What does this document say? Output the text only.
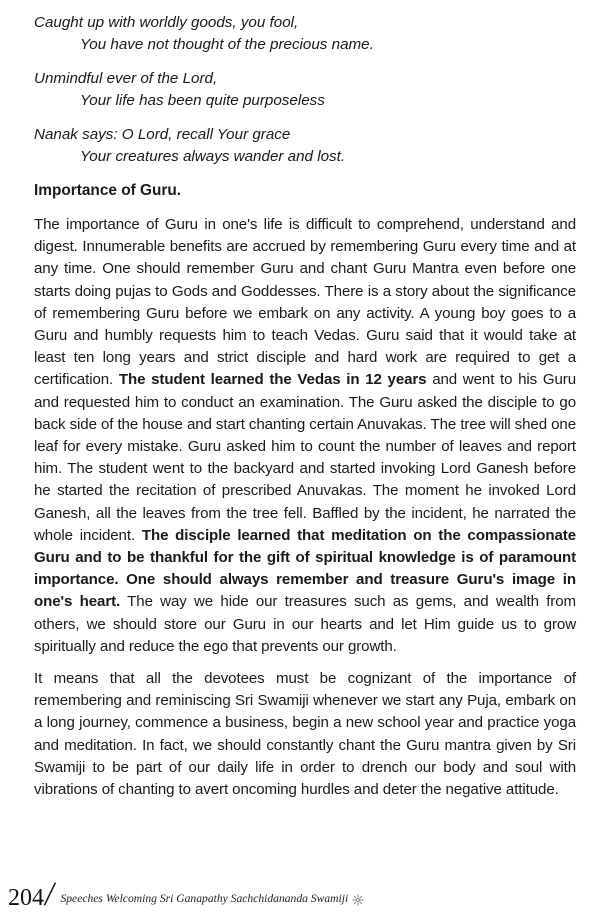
Caught up with worldly goods, you fool,
You have not thought of the precious name.
Unmindful ever of the Lord,
Your life has been quite purposeless
Nanak says: O Lord, recall Your grace
Your creatures always wander and lost.
Importance of Guru.

The importance of Guru in one's life is difficult to comprehend, understand and digest. Innumerable benefits are accrued by remembering Guru every time and at any time. One should remember Guru and chant Guru Mantra even before one starts doing pujas to Gods and Goddesses. There is a story about the significance of remembering Guru before we embark on any activity. A young boy goes to a Guru and humbly requests him to teach Vedas. Guru said that it would take at least ten long years and strict disciple and hard work are required to get a certification. The student learned the Vedas in 12 years and went to his Guru and requested him to conduct an examination. The Guru asked the disciple to go back side of the house and start chanting certain Anuvakas. The tree will shed one leaf for every mistake. Guru asked him to count the number of leaves and report him. The student went to the backyard and started invoking Lord Ganesh before he started the recitation of prescribed Anuvakas. The moment he invoked Lord Ganesh, all the leaves from the tree fell. Baffled by the incident, he narrated the whole incident. The disciple learned that meditation on the compassionate Guru and to be thankful for the gift of spiritual knowledge is of paramount importance. One should always remember and treasure Guru's image in one's heart. The way we hide our treasures such as gems, and wealth from others, we should store our Guru in our hearts and let Him guide us to grow spiritually and reduce the ego that prevents our growth.

It means that all the devotees must be cognizant of the importance of remembering and reminiscing Sri Swamiji whenever we start any Puja, embark on a long journey, commence a business, begin a new school year and practice yoga and meditation. In fact, we should constantly chant the Guru mantra given by Sri Swamiji to be part of our daily life in order to drench our body and soul with vibrations of chanting to avert oncoming hurdles and deter the negative attitude.

204
/ Speeches Welcoming Sri Ganapathy Sachchidananda Swamiji
